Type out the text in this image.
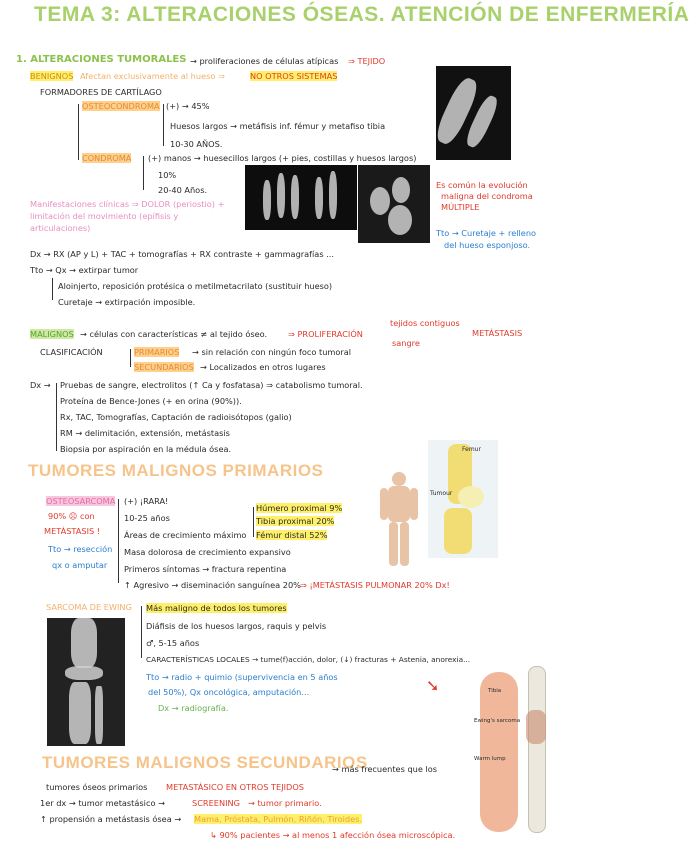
TEMA 3: ALTERACIONES ÓSEAS. ATENCIÓN DE ENFERMERÍA
1. ALTERACIONES TUMORALES → proliferaciones de células atípicas ⇒ TEJIDO
BENIGNOS Afectan exclusivamente al hueso ⇒	NO OTROS SISTEMAS
FORMADORES DE CARTÍLAGO
OSTEOCONDROMA (+) → 45%
Huesos largos → metáfisis inf. fémur y metafiso tibia
10-30 AÑOS.
CONDROMA (+) manos → huesecillos largos (+ pies, costillas y huesos largos)
10%
20-40 Años.	Es común la evolución
maligna del condroma
MÚLTIPLE
Tto → Curetaje + relleno
del hueso esponjoso.
Manifestaciones clínicas ⇒ DOLOR (periostio) +
limitación del movimiento (epífisis y
articulaciones)
Dx → RX (AP y L) + TAC + tomografías + RX contraste + gammagrafías ...
Tto → Qx → extirpar tumor
Aloinjerto, reposición protésica o metilmetacrilato (sustituir hueso)
Curetaje → extirpación imposible.
MALIGNOS → células con características ≠ al tejido óseo.	⇒ PROLIFERACIÓN
tejidos contiguos
sangre
METÁSTASIS
CLASIFICACIÓN	PRIMARIOS → sin relación con ningún foco tumoral
SECUNDARIOS → Localizados en otros lugares
Dx → Pruebas de sangre, electrolitos (↑ Ca y fosfatasa) ⇒ catabolismo tumoral.
Proteína de Bence-Jones (+ en orina (90%)).
Rx, TAC, Tomografías, Captación de radioisótopos (galio)
RM → delimitación, extensión, metástasis
Biopsia por aspiración en la médula ósea.
TUMORES MALIGNOS PRIMARIOS
OSTEOSARCOMA
90% ☹ con
METÁSTASIS !
Tto → resección
qx o amputar
(+) ¡RARA!
10-25 años
Áreas de crecimiento máximo
Masa dolorosa de crecimiento expansivo
Primeros síntomas → fractura repentina
↑ Agresivo → diseminación sanguínea 20% ⇒ ¡METÁSTASIS PULMONAR 20% Dx!
Húmero proximal 9%
Tibia proximal 20%
Fémur distal 52%
Femur
Tumour
SARCOMA DE EWING Más maligno de todos los tumores
Diáfisis de los huesos largos, raquis y pelvis
♂, 5-15 años
CARACTERÍSTICAS LOCALES → tume(f)acción, dolor, (↓) fracturas + Astenia, anorexia...
Tto → radio + quimio (supervivencia en 5 años
del 50%), Qx oncológica, amputación...
Dx → radiografía.
➘	Tibia
Ewing's sarcoma
Warm lump
TUMORES MALIGNOS SECUNDARIOS
→ más frecuentes que los
tumores óseos primarios METASTÁSICO EN OTROS TEJIDOS
1er dx → tumor metastásico →	SCREENING ⇝ tumor primario.
↑ propensión a metástasis ósea → Mama, Próstata, Pulmón, Riñón, Tiroides.
↳ 90% pacientes → al menos 1 afección ósea microscópica.
